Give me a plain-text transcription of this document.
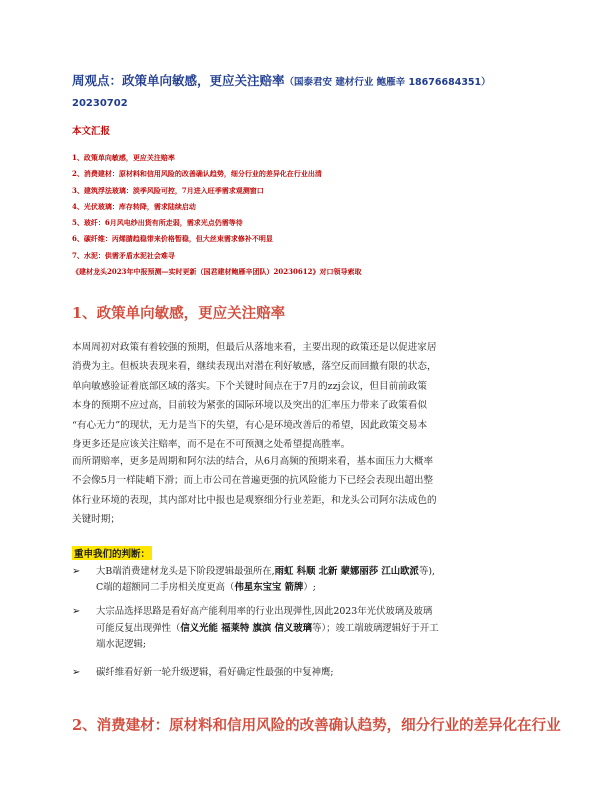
周观点：政策单向敏感，更应关注赔率（国泰君安 建材行业 鲍雁辛 18676684351）
20230702
本文汇报
1、政策单向敏感，更应关注赔率
2、消费建材：原材料和信用风险的改善确认趋势，细分行业的差异化在行业出清
3、建筑浮法玻璃：淡季风险可控，7月进入旺季需求观测窗口
4、光伏玻璃：库存转降，需求陆续启动
5、玻纤：6月风电纱出货有所走弱，需求光点仍需等待
6、碳纤维：丙烯腈趋稳带来价格暂稳，但大丝束需求修补不明显
7、水泥：供需矛盾水泥社会难寻
《建材龙头2023年中报预测—实时更新（国君建材鲍雁辛团队）20230612》对口领导索取
1、政策单向敏感，更应关注赔率
本周周初对政策有着较强的预期，但最后从落地来看，主要出现的政策还是以促进家居
消费为主。但板块表现来看，继续表现出对潜在利好敏感，落空反而回撤有限的状态，
单向敏感验证着底部区域的落实。下个关键时间点在于7月的zzj会议，但目前前政策
本身的预期不应过高，目前较为紧张的国际环境以及突出的汇率压力带来了政策看似
“有心无力”的现状，无力是当下的失望，有心是环境改善后的希望，因此政策交易本
身更多还是应该关注赔率，而不是在不可预测之处希望提高胜率。
而所谓赔率，更多是周期和阿尔法的结合，从6月高频的预期来看，基本面压力大概率
不会像5月一样陡峭下滑；而上市公司在普遍更强的抗风险能力下已经会表现出超出整
体行业环境的表现，其内部对比中报也是观察细分行业差距，和龙头公司阿尔法成色的
关键时期；
重申我们的判断：
➢	大B端消费建材龙头是下阶段逻辑最强所在,雨虹 科顺 北新 蒙娜丽莎 江山欧派等),
C端的超额同二手房相关度更高（伟星东宝宝 箭牌）;
➢	大宗品选择思路是看好高产能利用率的行业出现弹性,因此2023年光伏玻璃及玻璃
可能反复出现弹性（信义光能 福莱特 旗滨 信义玻璃等）；竣工端玻璃逻辑好于开工
端水泥逻辑;
➢	碳纤维看好新一轮升级逻辑，看好确定性最强的中复神鹰;
2、消费建材：原材料和信用风险的改善确认趋势，细分行业的差异化在行业
